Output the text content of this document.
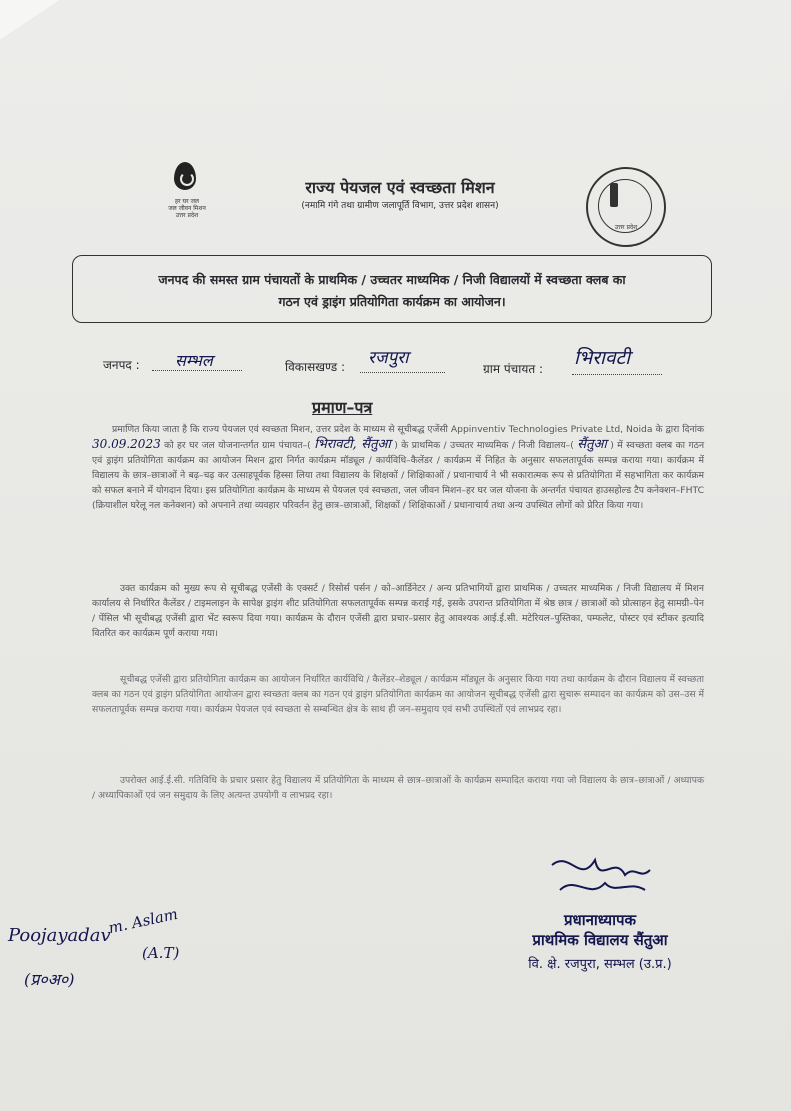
हर घर जल
जल जीवन मिशन
उत्तर प्रदेश
राज्य पेयजल एवं स्वच्छता मिशन
(नमामि गंगे तथा ग्रामीण जलापूर्ति विभाग, उत्तर प्रदेश शासन)
उत्तर प्रदेश
जनपद की समस्त ग्राम पंचायतों के प्राथमिक / उच्चतर माध्यमिक / निजी विद्यालयों में स्वच्छता क्लब का
गठन एवं ड्राइंग प्रतियोगिता कार्यक्रम का आयोजन।
जनपद : सम्भल	विकासखण्ड : रजपुरा
ग्राम पंचायत : भिरावटी
प्रमाण–पत्र
प्रमाणित किया जाता है कि राज्य पेयजल एवं स्वच्छता मिशन, उत्तर प्रदेश के माध्यम से सूचीबद्ध एजेंसी Appinventiv Technologies Private Ltd, Noida के द्वारा दिनांक 30.09.2023 को हर घर जल योजनान्तर्गत ग्राम पंचायत–( भिरावटी, सैंतुआ ) के प्राथमिक / उच्चतर माध्यमिक / निजी विद्यालय–( सैंतुआ ) में स्वच्छता क्लब का गठन एवं ड्राइंग प्रतियोगिता कार्यक्रम का आयोजन मिशन द्वारा निर्गत कार्यक्रम मॉड्यूल / कार्यविधि–कैलेंडर / कार्यक्रम में निहित के अनुसार सफलतापूर्वक सम्पन्न कराया गया। कार्यक्रम में विद्यालय के छात्र–छात्राओं ने बढ़–चढ़ कर उत्साहपूर्वक हिस्सा लिया तथा विद्यालय के शिक्षकों / शिक्षिकाओं / प्रधानाचार्य ने भी सकारात्मक रूप से प्रतियोगिता में सहभागिता कर कार्यक्रम को सफल बनाने में योगदान दिया। इस प्रतियोगिता कार्यक्रम के माध्यम से पेयजल एवं स्वच्छता, जल जीवन मिशन–हर घर जल योजना के अन्तर्गत पंचायत हाउसहोल्ड टैप कनेक्शन–FHTC (क्रियाशील घरेलू नल कनेक्शन) को अपनाने तथा व्यवहार परिवर्तन हेतु छात्र–छात्राओं, शिक्षकों / शिक्षिकाओं / प्रधानाचार्य तथा अन्य उपस्थित लोगों को प्रेरित किया गया।
उक्त कार्यक्रम को मुख्य रूप से सूचीबद्ध एजेंसी के एक्सर्ट / रिसोर्स पर्सन / को–आर्डिनेटर / अन्य प्रतिभागियों द्वारा प्राथमिक / उच्चतर माध्यमिक / निजी विद्यालय में मिशन कार्यालय से निर्धारित कैलेंडर / टाइमलाइन के सापेक्ष ड्राइंग शीट प्रतियोगिता सफलतापूर्वक सम्पन्न कराई गई, इसके उपरान्त प्रतियोगिता में श्रेष्ठ छात्र / छात्राओं को प्रोत्साहन हेतु सामग्री–पेन / पेंसिल भी सूचीबद्ध एजेंसी द्वारा भेंट स्वरूप दिया गया। कार्यक्रम के दौरान एजेंसी द्वारा प्रचार–प्रसार हेतु आवश्यक आई.ई.सी. मटेरियल–पुस्तिका, पम्फलेट, पोस्टर एवं स्टीकर इत्यादि वितरित कर कार्यक्रम पूर्ण कराया गया।
सूचीबद्ध एजेंसी द्वारा प्रतियोगिता कार्यक्रम का आयोजन निर्धारित कार्यविधि / कैलेंडर–शेड्यूल / कार्यक्रम मॉड्यूल के अनुसार किया गया तथा कार्यक्रम के दौरान विद्यालय में स्वच्छता क्लब का गठन एवं ड्राइंग प्रतियोगिता आयोजन द्वारा स्वच्छता क्लब का गठन एवं ड्राइंग प्रतियोगिता कार्यक्रम का आयोजन सूचीबद्ध एजेंसी द्वारा सुचारू सम्पादन का कार्यक्रम को उस–उस में सफलतापूर्वक सम्पन्न कराया गया। कार्यक्रम पेयजल एवं स्वच्छता से सम्बन्धित क्षेत्र के साथ ही जन–समुदाय एवं सभी उपस्थितों एवं लाभप्रद रहा।
उपरोक्त आई.ई.सी. गतिविधि के प्रचार प्रसार हेतु विद्यालय में प्रतियोगिता के माध्यम से छात्र–छात्राओं के कार्यक्रम सम्पादित कराया गया जो विद्यालय के छात्र–छात्राओं / अध्यापक / अध्यापिकाओं एवं जन समुदाय के लिए अत्यन्त उपयोगी व लाभप्रद रहा।
प्रधानाध्यापक
प्राथमिक विद्यालय सैंतुआ
वि. क्षे. रजपुरा, सम्भल (उ.प्र.)
Poojayadav
(प्र०अ०)
m. Aslam
(A.T)
